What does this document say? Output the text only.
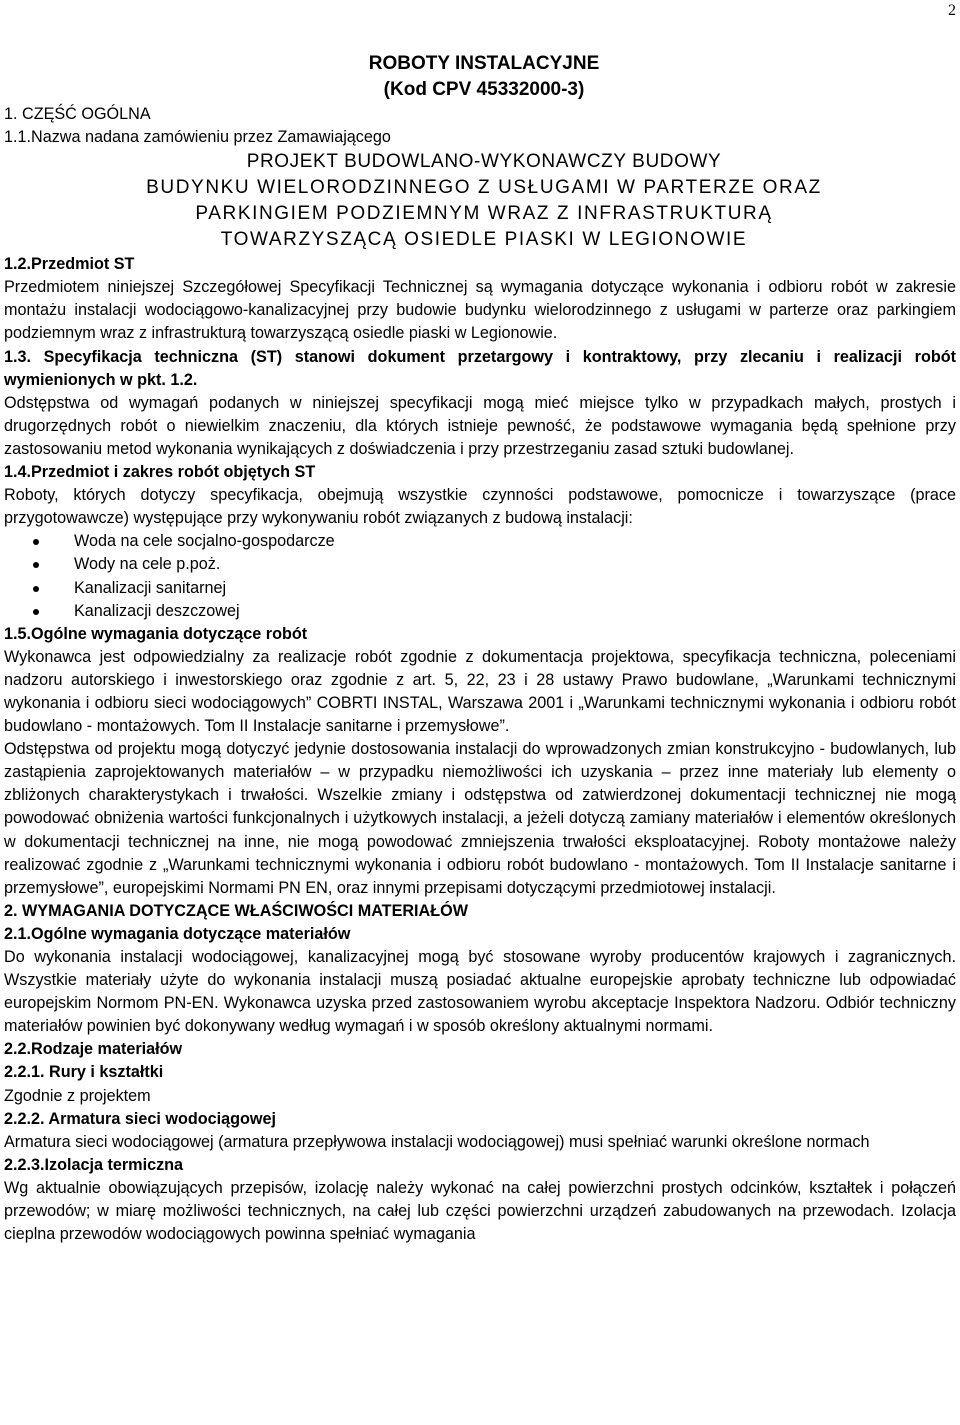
2
ROBOTY INSTALACYJNE
(Kod CPV 45332000-3)

1. CZĘŚĆ OGÓLNA

1.1.Nazwa nadana zamówieniu przez Zamawiającego

PROJEKT BUDOWLANO-WYKONAWCZY BUDOWY
BUDYNKU WIELORODZINNEGO Z USŁUGAMI W PARTERZE ORAZ
PARKINGIEM PODZIEMNYM WRAZ Z INFRASTRUKTURĄ
TOWARZYSZĄCĄ OSIEDLE PIASKI W LEGIONOWIE

1.2.Przedmiot ST

Przedmiotem niniejszej Szczegółowej Specyfikacji Technicznej są wymagania dotyczące wykonania i odbioru robót w zakresie montażu instalacji wodociągowo-kanalizacyjnej przy budowie budynku wielorodzinnego z usługami w parterze oraz parkingiem podziemnym wraz z infrastrukturą towarzyszącą osiedle piaski w Legionowie.

1.3. Specyfikacja techniczna (ST) stanowi dokument przetargowy i kontraktowy, przy zlecaniu i realizacji robót wymienionych w pkt. 1.2.

Odstępstwa od wymagań podanych w niniejszej specyfikacji mogą mieć miejsce tylko w przypadkach małych, prostych i drugorzędnych robót o niewielkim znaczeniu, dla których istnieje pewność, że podstawowe wymagania będą spełnione przy zastosowaniu metod wykonania wynikających z doświadczenia i przy przestrzeganiu zasad sztuki budowlanej.

1.4.Przedmiot i zakres robót objętych ST

Roboty, których dotyczy specyfikacja, obejmują wszystkie czynności podstawowe, pomocnicze i towarzyszące (prace przygotowawcze) występujące przy wykonywaniu robót związanych z budową instalacji:

Woda na cele socjalno-gospodarcze
Wody na cele p.poż.
Kanalizacji sanitarnej
Kanalizacji deszczowej

1.5.Ogólne wymagania dotyczące robót

Wykonawca jest odpowiedzialny za realizacje robót zgodnie z dokumentacja projektowa, specyfikacja techniczna, poleceniami nadzoru autorskiego i inwestorskiego oraz zgodnie z art. 5, 22, 23 i 28 ustawy Prawo budowlane, „Warunkami technicznymi wykonania i odbioru sieci wodociągowych” COBRTI INSTAL, Warszawa 2001 i „Warunkami technicznymi wykonania i odbioru robót budowlano - montażowych. Tom II Instalacje sanitarne i przemysłowe”.

Odstępstwa od projektu mogą dotyczyć jedynie dostosowania instalacji do wprowadzonych zmian konstrukcyjno - budowlanych, lub zastąpienia zaprojektowanych materiałów – w przypadku niemożliwości ich uzyskania – przez inne materiały lub elementy o zbliżonych charakterystykach i trwałości. Wszelkie zmiany i odstępstwa od zatwierdzonej dokumentacji technicznej nie mogą powodować obniżenia wartości funkcjonalnych i użytkowych instalacji, a jeżeli dotyczą zamiany materiałów i elementów określonych w dokumentacji technicznej na inne, nie mogą powodować zmniejszenia trwałości eksploatacyjnej. Roboty montażowe należy realizować zgodnie z „Warunkami technicznymi wykonania i odbioru robót budowlano - montażowych. Tom II Instalacje sanitarne i przemysłowe”, europejskimi Normami PN EN, oraz innymi przepisami dotyczącymi przedmiotowej instalacji.

2. WYMAGANIA DOTYCZĄCE WŁAŚCIWOŚCI MATERIAŁÓW

2.1.Ogólne wymagania dotyczące materiałów

Do wykonania instalacji wodociągowej, kanalizacyjnej mogą być stosowane wyroby producentów krajowych i zagranicznych. Wszystkie materiały użyte do wykonania instalacji muszą posiadać aktualne europejskie aprobaty techniczne lub odpowiadać europejskim Normom PN-EN. Wykonawca uzyska przed zastosowaniem wyrobu akceptacje Inspektora Nadzoru. Odbiór techniczny materiałów powinien być dokonywany według wymagań i w sposób określony aktualnymi normami.

2.2.Rodzaje materiałów

2.2.1. Rury i kształtki

Zgodnie z projektem

2.2.2. Armatura sieci wodociągowej

Armatura sieci wodociągowej (armatura przepływowa instalacji wodociągowej) musi spełniać warunki określone normach

2.2.3.Izolacja termiczna

Wg aktualnie obowiązujących przepisów, izolację należy wykonać na całej powierzchni prostych odcinków, kształtek i połączeń przewodów; w miarę możliwości technicznych, na całej lub części powierzchni urządzeń zabudowanych na przewodach. Izolacja cieplna przewodów wodociągowych powinna spełniać wymagania
